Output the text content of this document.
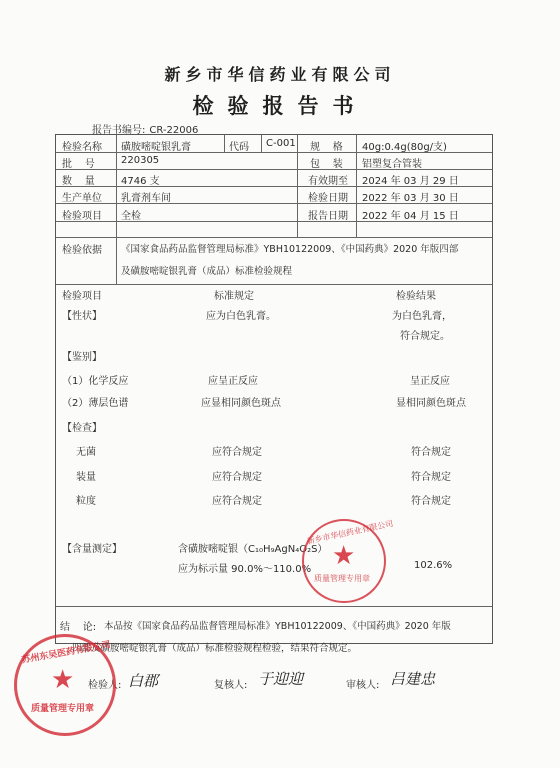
新乡市华信药业有限公司
检验报告书
报告书编号: CR-22006
检验名称 磺胺嘧啶银乳膏	代码 C-001 规    格 40g:0.4g(80g/支)
批    号	220305	包    装 铝塑复合管装
数    量	4746 支	有效期至 2024 年 03 月 29 日
生产单位 乳膏剂车间	检验日期 2022 年 03 月 30 日
检验项目 全检	报告日期 2022 年 04 月 15 日
检验依据 《国家食品药品监督管理局标准》YBH10122009、《中国药典》2020 年版四部
及磺胺嘧啶银乳膏（成品）标准检验规程
检验项目	标准规定	检验结果
【性状】	应为白色乳膏。	为白色乳膏，
符合规定。
【鉴别】
（1）化学反应	应呈正反应	呈正反应
（2）薄层色谱	应显相同颜色斑点	显相同颜色斑点
【检查】
无菌	应符合规定	符合规定
装量	应符合规定	符合规定
粒度	应符合规定	符合规定
【含量测定】	含磺胺嘧啶银（C₁₀H₉AgN₄O₂S）
应为标示量 90.0%～110.0%	102.6%
新乡市华信药业有限公司
★
质量管理专用章
结    论: 本品按《国家食品药品监督管理局标准》YBH10122009、《中国药典》2020 年版
四部及磺胺嘧啶银乳膏（成品）标准检验规程检验，结果符合规定。
检验人: 白郡	复核人: 于迎迎	审核人: 吕建忠
苏州东吴医药有限公司
★
质量管理专用章
